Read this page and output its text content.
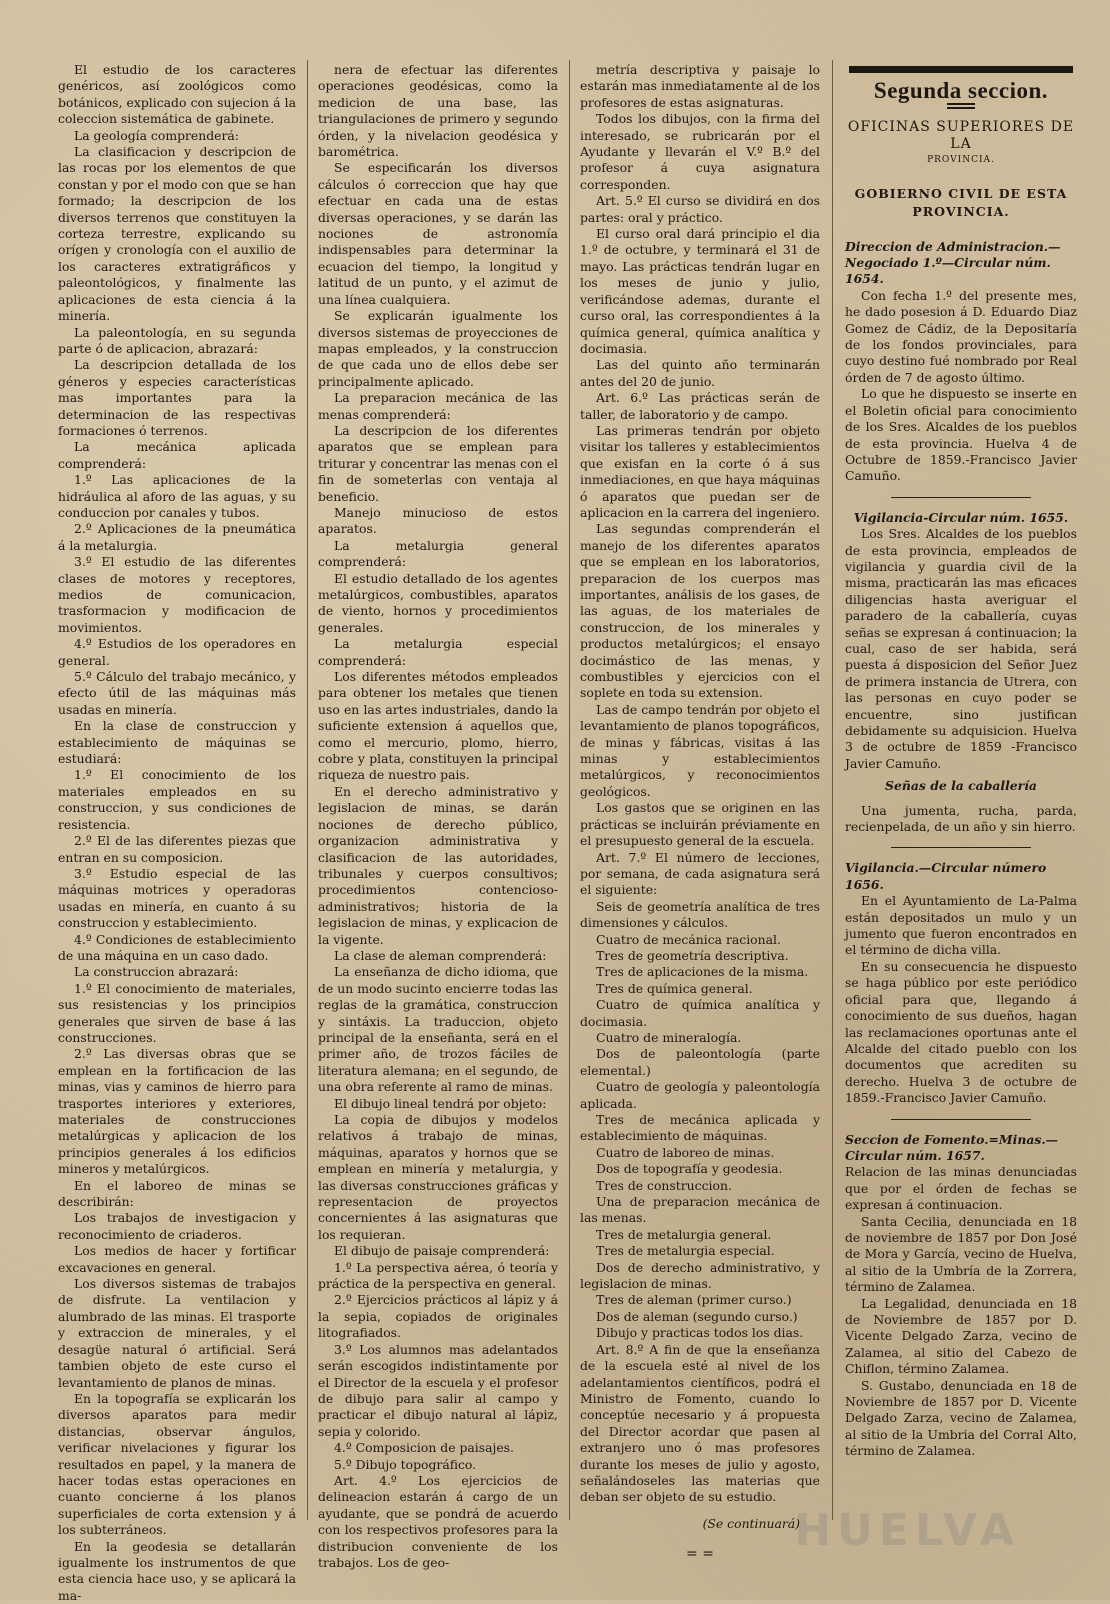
El estudio de los caracteres genéricos, así zoológicos como botánicos, explicado con sujecion á la coleccion sistemática de gabinete.

La geología comprenderá:

La clasificacion y descripcion de las rocas por los elementos de que constan y por el modo con que se han formado; la descripcion de los diversos terrenos que constituyen la corteza terrestre, explicando su orígen y cronología con el auxilio de los caracteres extratigráficos y paleontológicos, y finalmente las aplicaciones de esta ciencia á la minería.

La paleontología, en su segunda parte ó de aplicacion, abrazará:

La descripcion detallada de los géneros y especies características mas importantes para la determinacion de las respectivas formaciones ó terrenos.

La mecánica aplicada comprenderá:

1.º Las aplicaciones de la hidráulica al aforo de las aguas, y su conduccion por canales y tubos.

2.º Aplicaciones de la pneumática á la metalurgia.

3.º El estudio de las diferentes clases de motores y receptores, medios de comunicacion, trasformacion y modificacion de movimientos.

4.º Estudios de los operadores en general.

5.º Cálculo del trabajo mecánico, y efecto útil de las máquinas más usadas en minería.

En la clase de construccion y establecimiento de máquinas se estudiará:

1.º El conocimiento de los materiales empleados en su construccion, y sus condiciones de resistencia.

2.º El de las diferentes piezas que entran en su composicion.

3.º Estudio especial de las máquinas motrices y operadoras usadas en minería, en cuanto á su construccion y establecimiento.

4.º Condiciones de establecimiento de una máquina en un caso dado.

La construccion abrazará:

1.º El conocimiento de materiales, sus resistencias y los principios generales que sirven de base á las construcciones.

2.º Las diversas obras que se emplean en la fortificacion de las minas, vias y caminos de hierro para trasportes interiores y exteriores, materiales de construcciones metalúrgicas y aplicacion de los principios generales á los edificios mineros y metalúrgicos.

En el laboreo de minas se describirán:

Los trabajos de investigacion y reconocimiento de criaderos.

Los medios de hacer y fortificar excavaciones en general.

Los diversos sistemas de trabajos de disfrute. La ventilacion y alumbrado de las minas. El trasporte y extraccion de minerales, y el desagüe natural ó artificial. Será tambien objeto de este curso el levantamiento de planos de minas.

En la topografía se explicarán los diversos aparatos para medir distancias, observar ángulos, verificar nivelaciones y figurar los resultados en papel, y la manera de hacer todas estas operaciones en cuanto concierne á los planos superficiales de corta extension y á los subterráneos.

En la geodesia se detallarán igualmente los instrumentos de que esta ciencia hace uso, y se aplicará la ma-

nera de efectuar las diferentes operaciones geodésicas, como la medicion de una base, las triangulaciones de primero y segundo órden, y la nivelacion geodésica y barométrica.

Se especificarán los diversos cálculos ó correccion que hay que efectuar en cada una de estas diversas operaciones, y se darán las nociones de astronomía indispensables para determinar la ecuacion del tiempo, la longitud y latitud de un punto, y el azimut de una línea cualquiera.

Se explicarán igualmente los diversos sistemas de proyecciones de mapas empleados, y la construccion de que cada uno de ellos debe ser principalmente aplicado.

La preparacion mecánica de las menas comprenderá:

La descripcion de los diferentes aparatos que se emplean para triturar y concentrar las menas con el fin de someterlas con ventaja al beneficio.

Manejo minucioso de estos aparatos.

La metalurgia general comprenderá:

El estudio detallado de los agentes metalúrgicos, combustibles, aparatos de viento, hornos y procedimientos generales.

La metalurgia especial comprenderá:

Los diferentes métodos empleados para obtener los metales que tienen uso en las artes industriales, dando la suficiente extension á aquellos que, como el mercurio, plomo, hierro, cobre y plata, constituyen la principal riqueza de nuestro pais.

En el derecho administrativo y legislacion de minas, se darán nociones de derecho público, organizacion administrativa y clasificacion de las autoridades, tribunales y cuerpos consultivos; procedimientos contencioso-administrativos; historia de la legislacion de minas, y explicacion de la vigente.

La clase de aleman comprenderá:

La enseñanza de dicho idioma, que de un modo sucinto encierre todas las reglas de la gramática, construccion y sintáxis. La traduccion, objeto principal de la enseñanta, será en el primer año, de trozos fáciles de literatura alemana; en el segundo, de una obra referente al ramo de minas.

El dibujo lineal tendrá por objeto:

La copia de dibujos y modelos relativos á trabajo de minas, máquinas, aparatos y hornos que se emplean en minería y metalurgia, y las diversas construcciones gráficas y representacion de proyectos concernientes á las asignaturas que los requieran.

El dibujo de paisaje comprenderá:

1.º La perspectiva aérea, ó teoría y práctica de la perspectiva en general.

2.º Ejercicios prácticos al lápiz y á la sepia, copiados de originales litografiados.

3.º Los alumnos mas adelantados serán escogidos indistintamente por el Director de la escuela y el profesor de dibujo para salir al campo y practicar el dibujo natural al lápiz, sepia y colorido.

4.º Composicion de paisajes.

5.º Dibujo topográfico.

Art. 4.º Los ejercicios de delineacion estarán á cargo de un ayudante, que se pondrá de acuerdo con los respectivos profesores para la distribucion conveniente de los trabajos. Los de geo-

metría descriptiva y paisaje lo estarán mas inmediatamente al de los profesores de estas asignaturas.

Todos los dibujos, con la firma del interesado, se rubricarán por el Ayudante y llevarán el V.º B.º del profesor á cuya asignatura corresponden.

Art. 5.º El curso se dividirá en dos partes: oral y práctico.

El curso oral dará principio el dia 1.º de octubre, y terminará el 31 de mayo. Las prácticas tendrán lugar en los meses de junio y julio, verificándose ademas, durante el curso oral, las correspondientes á la química general, química analítica y docimasia.

Las del quinto año terminarán antes del 20 de junio.

Art. 6.º Las prácticas serán de taller, de laboratorio y de campo.

Las primeras tendrán por objeto visitar los talleres y establecimientos que exisfan en la corte ó á sus inmediaciones, en que haya máquinas ó aparatos que puedan ser de aplicacion en la carrera del ingeniero.

Las segundas comprenderán el manejo de los diferentes aparatos que se emplean en los laboratorios, preparacion de los cuerpos mas importantes, análisis de los gases, de las aguas, de los materiales de construccion, de los minerales y productos metalúrgicos; el ensayo docimástico de las menas, y combustibles y ejercicios con el soplete en toda su extension.

Las de campo tendrán por objeto el levantamiento de planos topográficos, de minas y fábricas, visitas á las minas y establecimientos metalúrgicos, y reconocimientos geológicos.

Los gastos que se originen en las prácticas se incluirán préviamente en el presupuesto general de la escuela.

Art. 7.º El número de lecciones, por semana, de cada asignatura será el siguiente:

Seis de geometría analítica de tres dimensiones y cálculos.

Cuatro de mecánica racional.

Tres de geometría descriptiva.

Tres de aplicaciones de la misma.

Tres de química general.

Cuatro de química analítica y docimasia.

Cuatro de mineralogía.

Dos de paleontología (parte elemental.)

Cuatro de geología y paleontología aplicada.

Tres de mecánica aplicada y establecimiento de máquinas.

Cuatro de laboreo de minas.

Dos de topografía y geodesia.

Tres de construccion.

Una de preparacion mecánica de las menas.

Tres de metalurgia general.

Tres de metalurgia especial.

Dos de derecho administrativo, y legislacion de minas.

Tres de aleman (primer curso.)

Dos de aleman (segundo curso.)

Dibujo y practicas todos los dias.

Art. 8.º A fin de que la enseñanza de la escuela esté al nivel de los adelantamientos científicos, podrá el Ministro de Fomento, cuando lo conceptúe necesario y á propuesta del Director acordar que pasen al extranjero uno ó mas profesores durante los meses de julio y agosto, señalándoseles las materias que deban ser objeto de su estudio.

(Se continuará)
= =
Segunda seccion.
OFICINAS SUPERIORES DE LA
PROVINCIA.
GOBIERNO CIVIL DE ESTA PROVINCIA.

Direccion de Administracion.—Negociado 1.º—Circular núm. 1654.

Con fecha 1.º del presente mes, he dado posesion á D. Eduardo Diaz Gomez de Cádiz, de la Depositaría de los fondos provinciales, para cuyo destino fué nombrado por Real órden de 7 de agosto último.

Lo que he dispuesto se inserte en el Boletin oficial para conocimiento de los Sres. Alcaldes de los pueblos de esta provincia. Huelva 4 de Octubre de 1859.-Francisco Javier Camuño.

Vigilancia-Circular núm. 1655.

Los Sres. Alcaldes de los pueblos de esta provincia, empleados de vigilancia y guardia civil de la misma, practicarán las mas eficaces diligencias hasta averiguar el paradero de la caballería, cuyas señas se expresan á continuacion; la cual, caso de ser habida, será puesta á disposicion del Señor Juez de primera instancia de Utrera, con las personas en cuyo poder se encuentre, sino justifican debidamente su adquisicion. Huelva 3 de octubre de 1859 -Francisco Javier Camuño.

Señas de la caballería

Una jumenta, rucha, parda, recienpelada, de un año y sin hierro.

Vigilancia.—Circular número 1656.

En el Ayuntamiento de La-Palma están depositados un mulo y un jumento que fueron encontrados en el término de dicha villa.

En su consecuencia he dispuesto se haga público por este periódico oficial para que, llegando á conocimiento de sus dueños, hagan las reclamaciones oportunas ante el Alcalde del citado pueblo con los documentos que acrediten su derecho. Huelva 3 de octubre de 1859.-Francisco Javier Camuño.

Seccion de Fomento.=Minas.—Circular núm. 1657.

Relacion de las minas denunciadas que por el órden de fechas se expresan á continuacion.

Santa Cecilia, denunciada en 18 de noviembre de 1857 por Don José de Mora y García, vecino de Huelva, al sitio de la Umbría de la Zorrera, término de Zalamea.

La Legalidad, denunciada en 18 de Noviembre de 1857 por D. Vicente Delgado Zarza, vecino de Zalamea, al sitio del Cabezo de Chiflon, término Zalamea.

S. Gustabo, denunciada en 18 de Noviembre de 1857 por D. Vicente Delgado Zarza, vecino de Zalamea, al sitio de la Umbria del Corral Alto, término de Zalamea.

HUELVA
